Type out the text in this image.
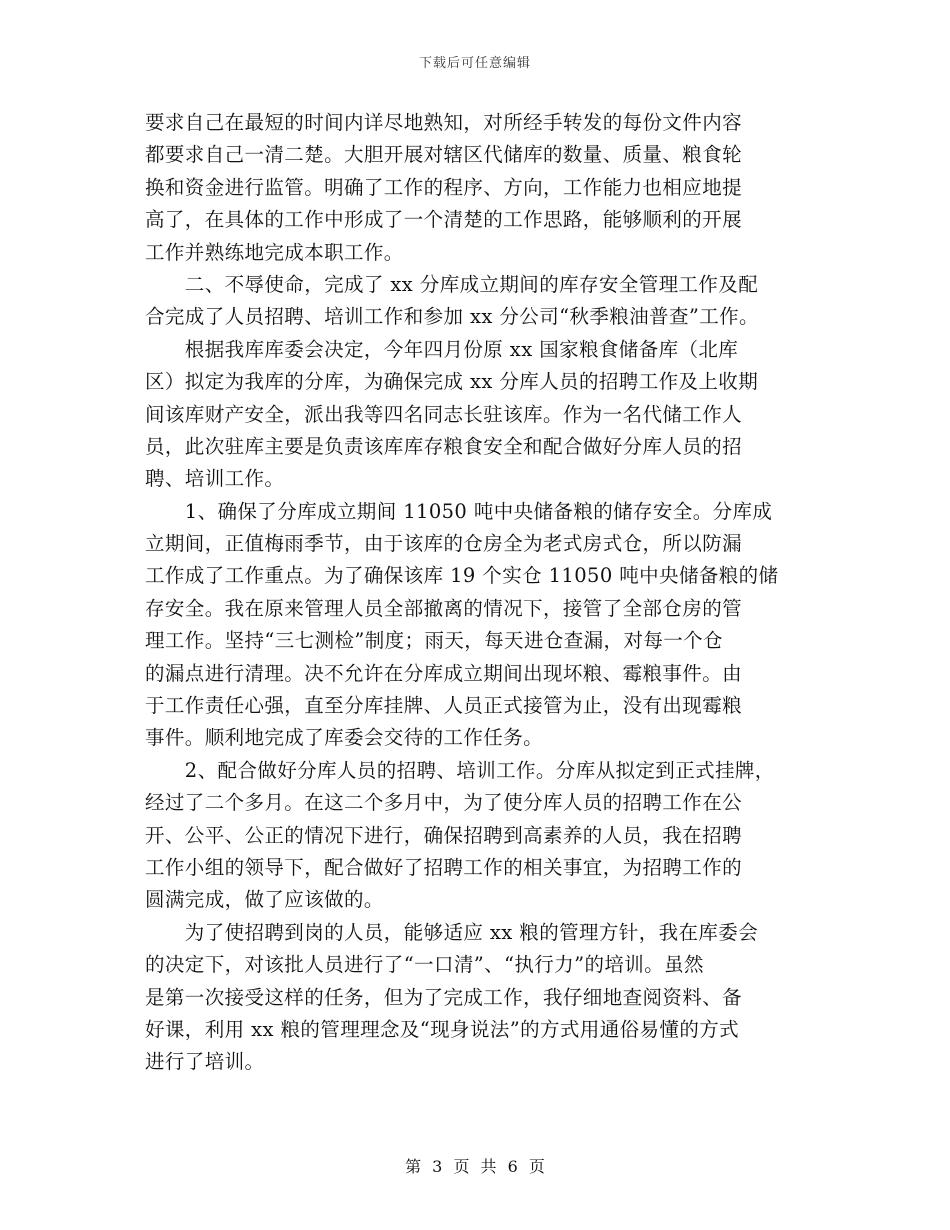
下载后可任意编辑
要求自己在最短的时间内详尽地熟知，对所经手转发的每份文件内容
都要求自己一清二楚。大胆开展对辖区代储库的数量、质量、粮食轮
换和资金进行监管。明确了工作的程序、方向，工作能力也相应地提
高了，在具体的工作中形成了一个清楚的工作思路，能够顺利的开展
工作并熟练地完成本职工作。
　　二、不辱使命，完成了 xx 分库成立期间的库存安全管理工作及配
合完成了人员招聘、培训工作和参加 xx 分公司“秋季粮油普查”工作。
　　根据我库库委会决定，今年四月份原 xx 国家粮食储备库（北库
区）拟定为我库的分库，为确保完成 xx 分库人员的招聘工作及上收期
间该库财产安全，派出我等四名同志长驻该库。作为一名代储工作人
员，此次驻库主要是负责该库库存粮食安全和配合做好分库人员的招
聘、培训工作。
　　1、确保了分库成立期间 11050 吨中央储备粮的储存安全。分库成
立期间，正值梅雨季节，由于该库的仓房全为老式房式仓，所以防漏
工作成了工作重点。为了确保该库 19 个实仓 11050 吨中央储备粮的储
存安全。我在原来管理人员全部撤离的情况下，接管了全部仓房的管
理工作。坚持“三七测检”制度；雨天，每天进仓查漏，对每一个仓
的漏点进行清理。决不允许在分库成立期间出现坏粮、霉粮事件。由
于工作责任心强，直至分库挂牌、人员正式接管为止，没有出现霉粮
事件。顺利地完成了库委会交待的工作任务。
　　2、配合做好分库人员的招聘、培训工作。分库从拟定到正式挂牌，
经过了二个多月。在这二个多月中，为了使分库人员的招聘工作在公
开、公平、公正的情况下进行，确保招聘到高素养的人员，我在招聘
工作小组的领导下，配合做好了招聘工作的相关事宜，为招聘工作的
圆满完成，做了应该做的。
　　为了使招聘到岗的人员，能够适应 xx 粮的管理方针，我在库委会
的决定下，对该批人员进行了“一口清”、“执行力”的培训。虽然
是第一次接受这样的任务，但为了完成工作，我仔细地查阅资料、备
好课，利用 xx 粮的管理理念及“现身说法”的方式用通俗易懂的方式
进行了培训。
第 3 页 共 6 页
